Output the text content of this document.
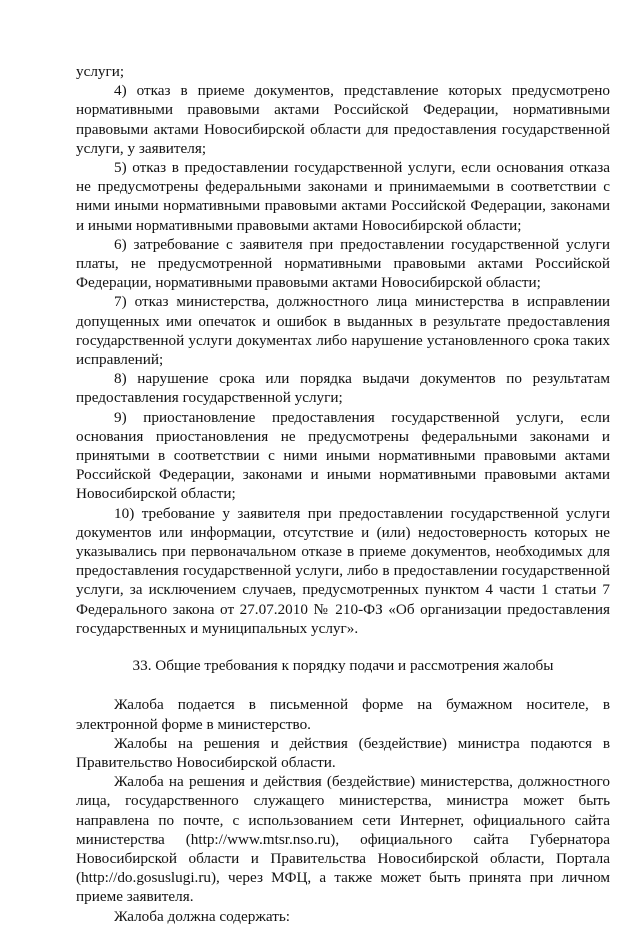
услуги;

4) отказ в приеме документов, представление которых предусмотрено нормативными правовыми актами Российской Федерации, нормативными правовыми актами Новосибирской области для предоставления государственной услуги, у заявителя;

5) отказ в предоставлении государственной услуги, если основания отказа не предусмотрены федеральными законами и принимаемыми в соответствии с ними иными нормативными правовыми актами Российской Федерации, законами и иными нормативными правовыми актами Новосибирской области;

6) затребование с заявителя при предоставлении государственной услуги платы, не предусмотренной нормативными правовыми актами Российской Федерации, нормативными правовыми актами Новосибирской области;

7) отказ министерства, должностного лица министерства в исправлении допущенных ими опечаток и ошибок в выданных в результате предоставления государственной услуги документах либо нарушение установленного срока таких исправлений;

8) нарушение срока или порядка выдачи документов по результатам предоставления государственной услуги;

9) приостановление предоставления государственной услуги, если основания приостановления не предусмотрены федеральными законами и принятыми в соответствии с ними иными нормативными правовыми актами Российской Федерации, законами и иными нормативными правовыми актами Новосибирской области;

10) требование у заявителя при предоставлении государственной услуги документов или информации, отсутствие и (или) недостоверность которых не указывались при первоначальном отказе в приеме документов, необходимых для предоставления государственной услуги, либо в предоставлении государственной услуги, за исключением случаев, предусмотренных пунктом 4 части 1 статьи 7 Федерального закона от 27.07.2010 № 210-ФЗ «Об организации предоставления государственных и муниципальных услуг».

33. Общие требования к порядку подачи и рассмотрения жалобы

Жалоба подается в письменной форме на бумажном носителе, в электронной форме в министерство.

Жалобы на решения и действия (бездействие) министра подаются в Правительство Новосибирской области.

Жалоба на решения и действия (бездействие) министерства, должностного лица, государственного служащего министерства, министра может быть направлена по почте, с использованием сети Интернет, официального сайта министерства (http://www.mtsr.nso.ru), официального сайта Губернатора Новосибирской области и Правительства Новосибирской области, Портала (http://do.gosuslugi.ru), через МФЦ, а также может быть принята при личном приеме заявителя.

Жалоба должна содержать:
